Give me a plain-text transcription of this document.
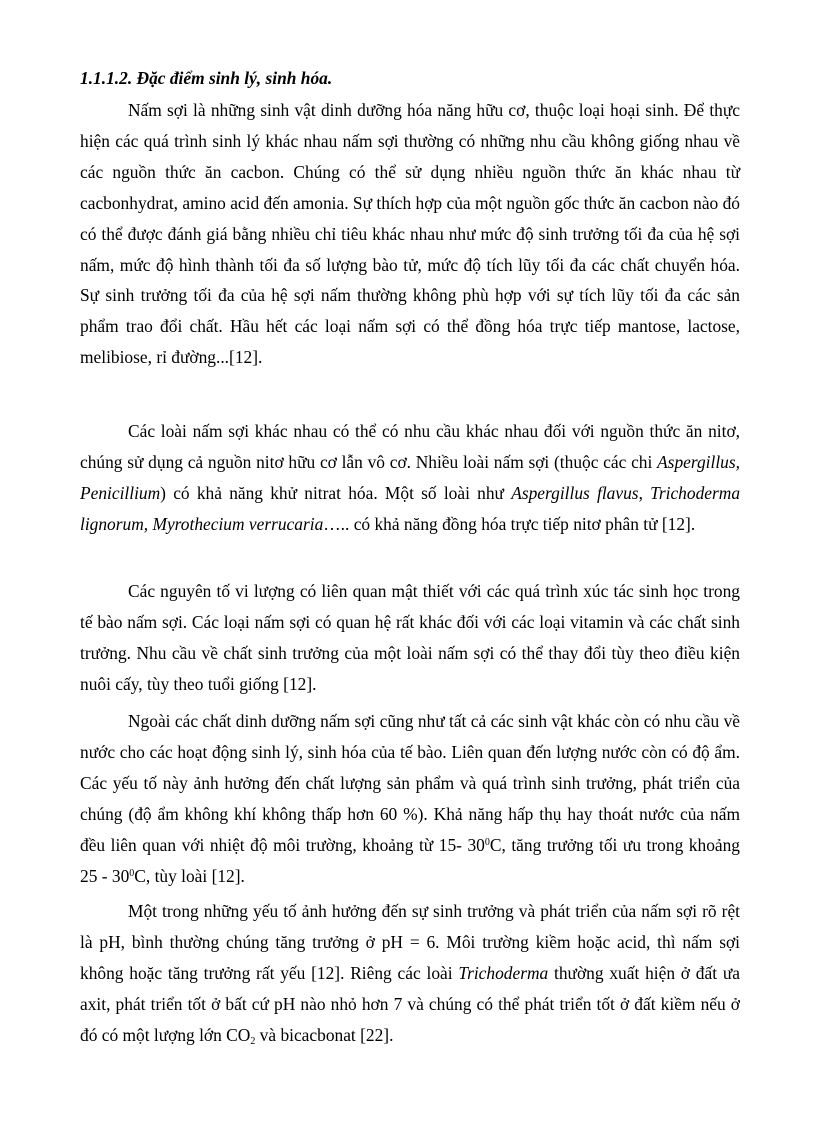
1.1.1.2. Đặc điểm sinh lý, sinh hóa.

Nấm sợi là những sinh vật dinh dưỡng hóa năng hữu cơ, thuộc loại hoại sinh. Để thực hiện các quá trình sinh lý khác nhau nấm sợi thường có những nhu cầu không giống nhau về các nguồn thức ăn cacbon. Chúng có thể sử dụng nhiều nguồn thức ăn khác nhau từ cacbonhydrat, amino acid đến amonia. Sự thích hợp của một nguồn gốc thức ăn cacbon nào đó có thể được đánh giá bằng nhiều chỉ tiêu khác nhau như mức độ sinh trưởng tối đa của hệ sợi nấm, mức độ hình thành tối đa số lượng bào tử, mức độ tích lũy tối đa các chất chuyển hóa. Sự sinh trưởng tối đa của hệ sợi nấm thường không phù hợp với sự tích lũy tối đa các sản phẩm trao đổi chất. Hầu hết các loại nấm sợi có thể đồng hóa trực tiếp mantose, lactose, melibiose, rỉ đường...[12].

Các loài nấm sợi khác nhau có thể có nhu cầu khác nhau đối với nguồn thức ăn nitơ, chúng sử dụng cả nguồn nitơ hữu cơ lẫn vô cơ. Nhiều loài nấm sợi (thuộc các chi Aspergillus, Penicillium) có khả năng khử nitrat hóa. Một số loài như Aspergillus flavus, Trichoderma lignorum, Myrothecium verrucaria….. có khả năng đồng hóa trực tiếp nitơ phân tử [12].

Các nguyên tố vi lượng có liên quan mật thiết với các quá trình xúc tác sinh học trong tế bào nấm sợi. Các loại nấm sợi có quan hệ rất khác đối với các loại vitamin và các chất sinh trưởng. Nhu cầu về chất sinh trưởng của một loài nấm sợi có thể thay đổi tùy theo điều kiện nuôi cấy, tùy theo tuổi giống [12].

Ngoài các chất dinh dưỡng nấm sợi cũng như tất cả các sinh vật khác còn có nhu cầu về nước cho các hoạt động sinh lý, sinh hóa của tế bào. Liên quan đến lượng nước còn có độ ẩm. Các yếu tố này ảnh hưởng đến chất lượng sản phẩm và quá trình sinh trưởng, phát triển của chúng (độ ẩm không khí không thấp hơn 60 %). Khả năng hấp thụ hay thoát nước của nấm đều liên quan với nhiệt độ môi trường, khoảng từ 15- $30^0C$, tăng trưởng tối ưu trong khoảng $25 - 30^0C$, tùy loài [12].

Một trong những yếu tố ảnh hưởng đến sự sinh trưởng và phát triển của nấm sợi rõ rệt là pH, bình thường chúng tăng trưởng ở pH = 6. Môi trường kiềm hoặc acid, thì nấm sợi không hoặc tăng trưởng rất yếu [12]. Riêng các loài Trichoderma thường xuất hiện ở đất ưa axit, phát triển tốt ở bất cứ pH nào nhỏ hơn 7 và chúng có thể phát triển tốt ở đất kiềm nếu ở đó có một lượng lớn $CO_2$ và bicacbonat [22].
